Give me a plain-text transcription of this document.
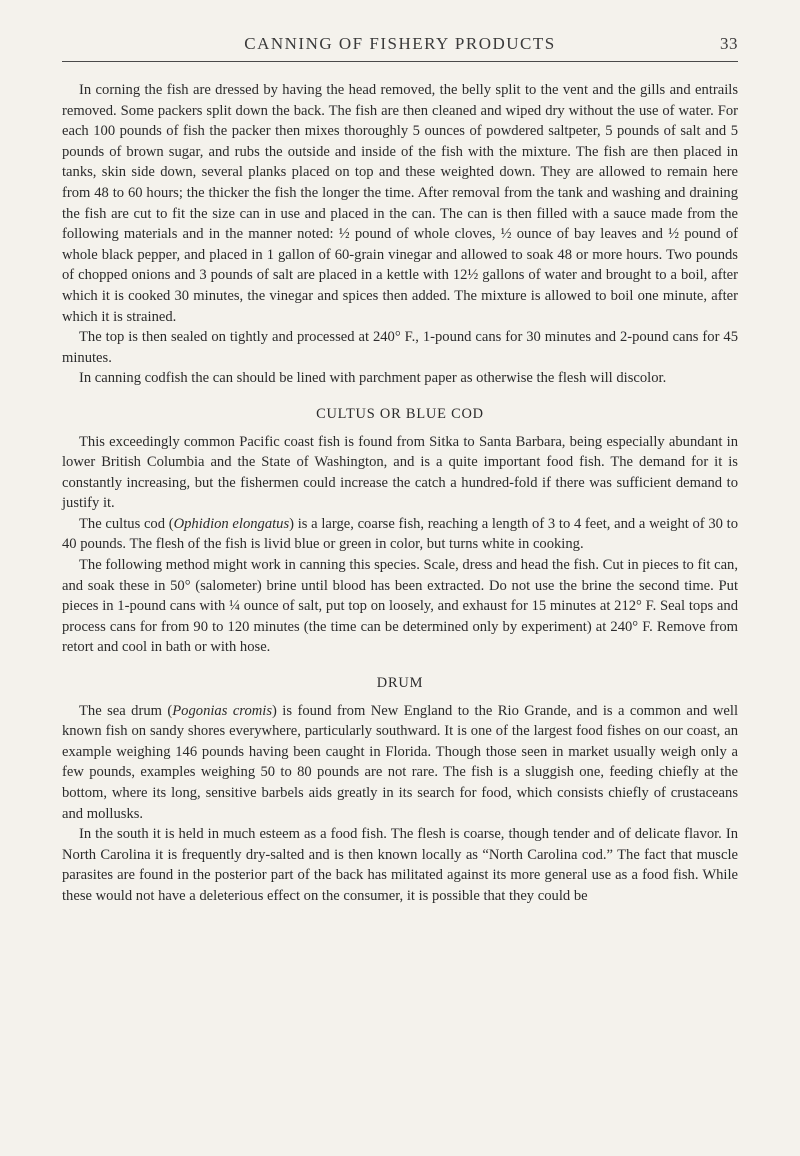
CANNING OF FISHERY PRODUCTS	33

In corning the fish are dressed by having the head removed, the belly split to the vent and the gills and entrails removed. Some packers split down the back. The fish are then cleaned and wiped dry without the use of water. For each 100 pounds of fish the packer then mixes thoroughly 5 ounces of powdered saltpeter, 5 pounds of salt and 5 pounds of brown sugar, and rubs the outside and inside of the fish with the mixture. The fish are then placed in tanks, skin side down, several planks placed on top and these weighted down. They are allowed to remain here from 48 to 60 hours; the thicker the fish the longer the time. After removal from the tank and washing and draining the fish are cut to fit the size can in use and placed in the can. The can is then filled with a sauce made from the following materials and in the manner noted: ½ pound of whole cloves, ½ ounce of bay leaves and ½ pound of whole black pepper, and placed in 1 gallon of 60-grain vinegar and allowed to soak 48 or more hours. Two pounds of chopped onions and 3 pounds of salt are placed in a kettle with 12½ gallons of water and brought to a boil, after which it is cooked 30 minutes, the vinegar and spices then added. The mixture is allowed to boil one minute, after which it is strained.

The top is then sealed on tightly and processed at 240° F., 1-pound cans for 30 minutes and 2-pound cans for 45 minutes.

In canning codfish the can should be lined with parchment paper as otherwise the flesh will discolor.

CULTUS OR BLUE COD

This exceedingly common Pacific coast fish is found from Sitka to Santa Barbara, being especially abundant in lower British Columbia and the State of Washington, and is a quite important food fish. The demand for it is constantly increasing, but the fishermen could increase the catch a hundred-fold if there was sufficient demand to justify it.

The cultus cod (Ophidion elongatus) is a large, coarse fish, reaching a length of 3 to 4 feet, and a weight of 30 to 40 pounds. The flesh of the fish is livid blue or green in color, but turns white in cooking.

The following method might work in canning this species. Scale, dress and head the fish. Cut in pieces to fit can, and soak these in 50° (salometer) brine until blood has been extracted. Do not use the brine the second time. Put pieces in 1-pound cans with ¼ ounce of salt, put top on loosely, and exhaust for 15 minutes at 212° F. Seal tops and process cans for from 90 to 120 minutes (the time can be determined only by experiment) at 240° F. Remove from retort and cool in bath or with hose.

DRUM

The sea drum (Pogonias cromis) is found from New England to the Rio Grande, and is a common and well known fish on sandy shores everywhere, particularly southward. It is one of the largest food fishes on our coast, an example weighing 146 pounds having been caught in Florida. Though those seen in market usually weigh only a few pounds, examples weighing 50 to 80 pounds are not rare. The fish is a sluggish one, feeding chiefly at the bottom, where its long, sensitive barbels aids greatly in its search for food, which consists chiefly of crustaceans and mollusks.

In the south it is held in much esteem as a food fish. The flesh is coarse, though tender and of delicate flavor. In North Carolina it is frequently dry-salted and is then known locally as “North Carolina cod.” The fact that muscle parasites are found in the posterior part of the back has militated against its more general use as a food fish. While these would not have a deleterious effect on the consumer, it is possible that they could be
